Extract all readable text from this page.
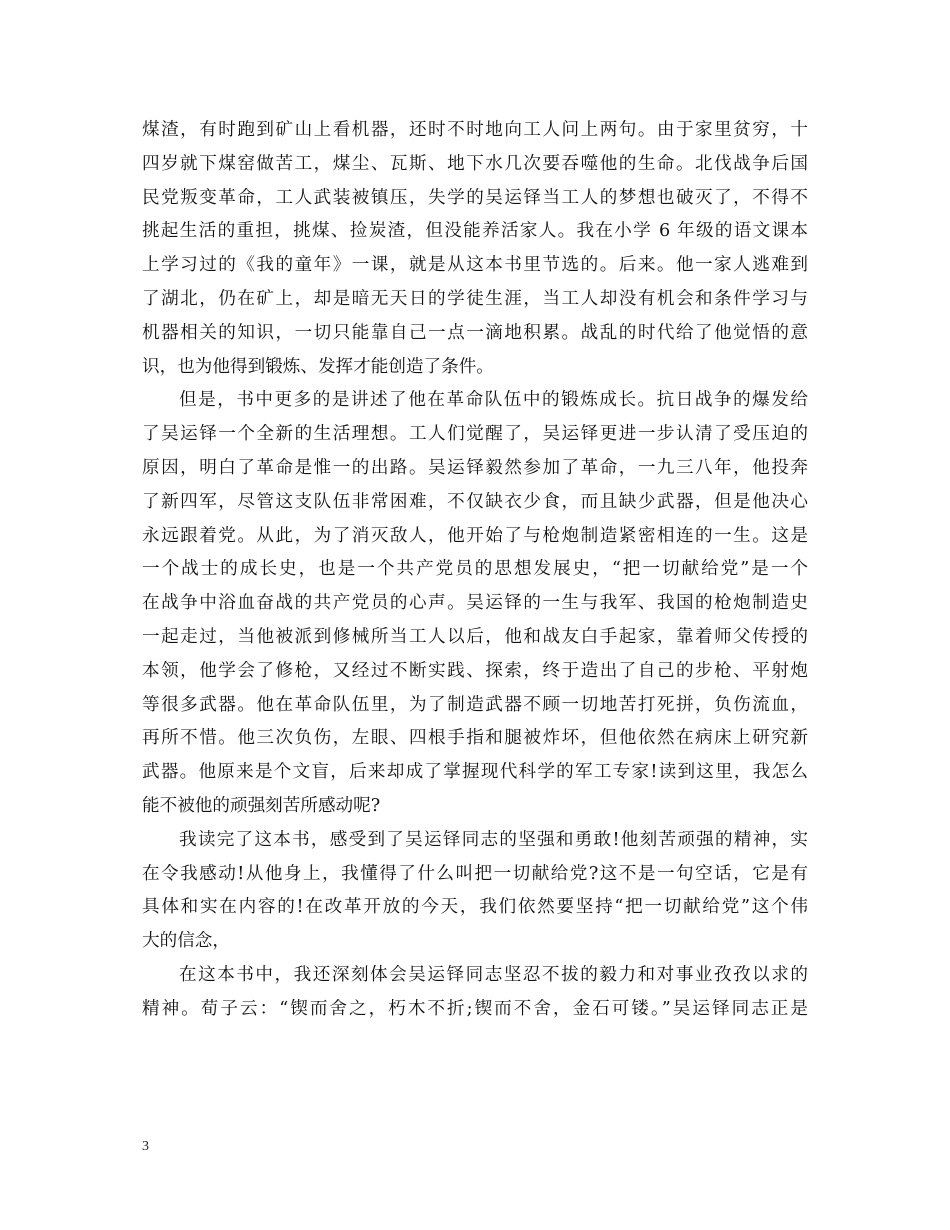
煤渣，有时跑到矿山上看机器，还时不时地向工人问上两句。由于家里贫穷，十
四岁就下煤窑做苦工，煤尘、瓦斯、地下水几次要吞噬他的生命。北伐战争后国
民党叛变革命，工人武装被镇压，失学的吴运铎当工人的梦想也破灭了，不得不
挑起生活的重担，挑煤、捡炭渣，但没能养活家人。我在小学 6 年级的语文课本
上学习过的《我的童年》一课，就是从这本书里节选的。后来。他一家人逃难到
了湖北，仍在矿上，却是暗无天日的学徒生涯，当工人却没有机会和条件学习与
机器相关的知识，一切只能靠自己一点一滴地积累。战乱的时代给了他觉悟的意
识，也为他得到锻炼、发挥才能创造了条件。
但是，书中更多的是讲述了他在革命队伍中的锻炼成长。抗日战争的爆发给
了吴运铎一个全新的生活理想。工人们觉醒了，吴运铎更进一步认清了受压迫的
原因，明白了革命是惟一的出路。吴运铎毅然参加了革命，一九三八年，他投奔
了新四军，尽管这支队伍非常困难，不仅缺衣少食，而且缺少武器，但是他决心
永远跟着党。从此，为了消灭敌人，他开始了与枪炮制造紧密相连的一生。这是
一个战士的成长史，也是一个共产党员的思想发展史，“把一切献给党”是一个
在战争中浴血奋战的共产党员的心声。吴运铎的一生与我军、我国的枪炮制造史
一起走过，当他被派到修械所当工人以后，他和战友白手起家，靠着师父传授的
本领，他学会了修枪，又经过不断实践、探索，终于造出了自己的步枪、平射炮
等很多武器。他在革命队伍里，为了制造武器不顾一切地苦打死拼，负伤流血，
再所不惜。他三次负伤，左眼、四根手指和腿被炸坏，但他依然在病床上研究新
武器。他原来是个文盲，后来却成了掌握现代科学的军工专家!读到这里，我怎么
能不被他的顽强刻苦所感动呢?
我读完了这本书，感受到了吴运铎同志的坚强和勇敢!他刻苦顽强的精神，实
在令我感动!从他身上，我懂得了什么叫把一切献给党?这不是一句空话，它是有
具体和实在内容的!在改革开放的今天，我们依然要坚持“把一切献给党”这个伟
大的信念，
在这本书中，我还深刻体会吴运铎同志坚忍不拔的毅力和对事业孜孜以求的
精神。荀子云：“锲而舍之，朽木不折;锲而不舍，金石可镂。”吴运铎同志正是
3
